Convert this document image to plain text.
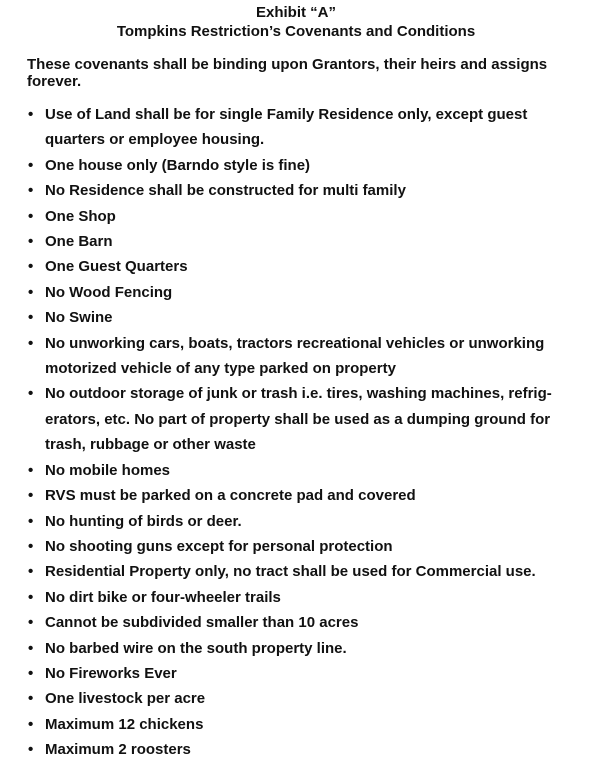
Exhibit “A”
Tompkins Restriction’s Covenants and Conditions

These covenants shall be binding upon Grantors, their heirs and assigns forever.

• Use of Land shall be for single Family Residence only, except guest quarters or employee housing.
• One house only (Barndo style is fine)
• No Residence shall be constructed for multi family
• One Shop
• One Barn
• One Guest Quarters
• No Wood Fencing
• No Swine
• No unworking cars, boats, tractors recreational vehicles or unworking motorized vehicle of any type parked on property
• No outdoor storage of junk or trash i.e. tires, washing machines, refrig-erators, etc. No part of property shall be used as a dumping ground for trash, rubbage or other waste
• No mobile homes
• RVS must be parked on a concrete pad and covered
• No hunting of birds or deer.
• No shooting guns except for personal protection
• Residential Property only, no tract shall be used for Commercial use.
• No dirt bike or four-wheeler trails
• Cannot be subdivided smaller than 10 acres
• No barbed wire on the south property line.
• No Fireworks Ever
• One livestock per acre
• Maximum 12 chickens
• Maximum 2 roosters
